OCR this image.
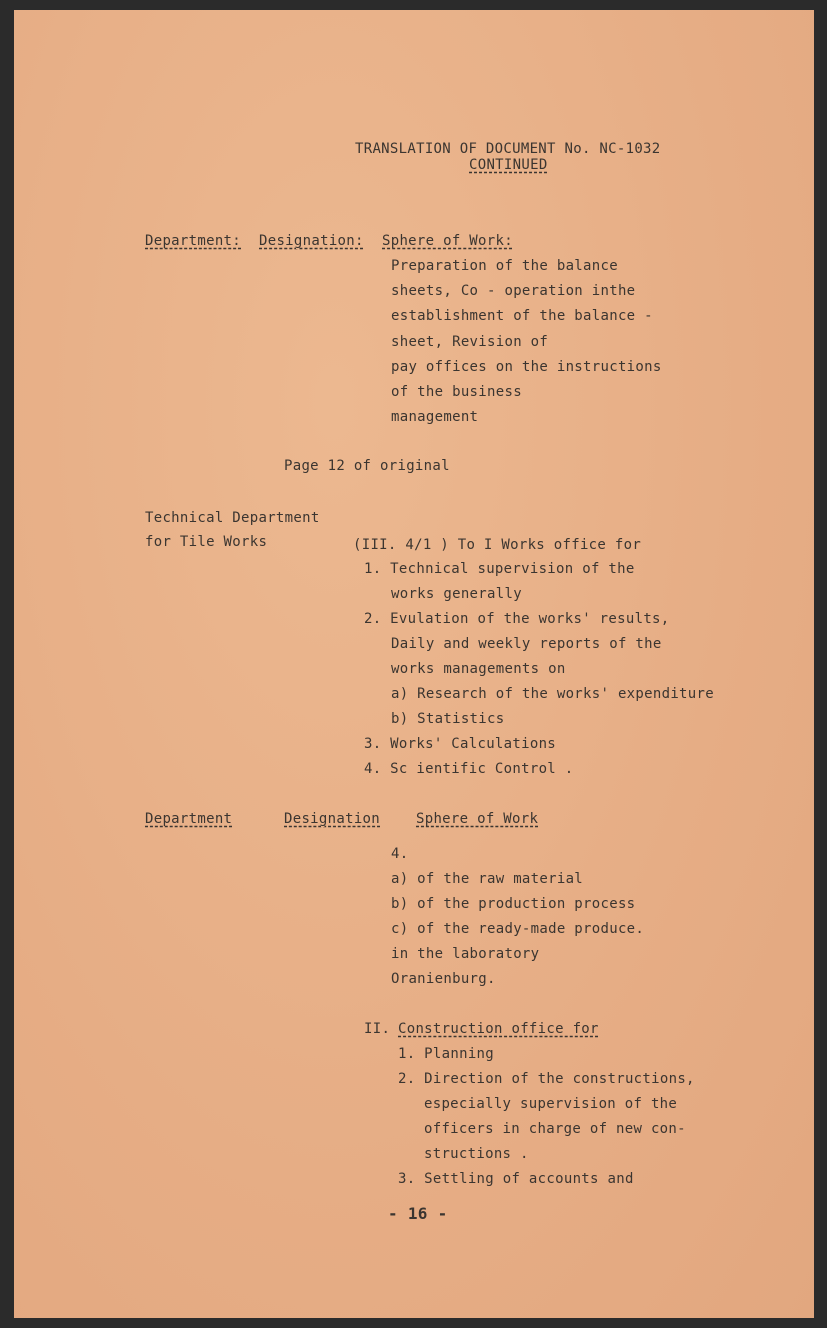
TRANSLATION OF DOCUMENT No. NC-1032
CONTINUED
Department: Designation: Sphere of Work:
Preparation of the balance
sheets, Co - operation inthe
establishment of the balance -
sheet, Revision of
pay offices on the instructions
of the business
management
Page 12 of original
Technical Department
for Tile Works	(III. 4/1 ) To I Works office for
1. Technical supervision of the
works generally
2. Evulation of the works' results,
Daily and weekly reports of the
works managements on
a) Research of the works' expenditure
b) Statistics
3. Works' Calculations
4. Sc ientific Control .
Department	Designation	Sphere of Work
4.
a) of the raw material
b) of the production process
c) of the ready-made produce.
in the laboratory
Oranienburg.
II. Construction office for
1. Planning
2. Direction of the constructions,
especially supervision of the
officers in charge of new con-
structions .
3. Settling of accounts and
- 16 -
